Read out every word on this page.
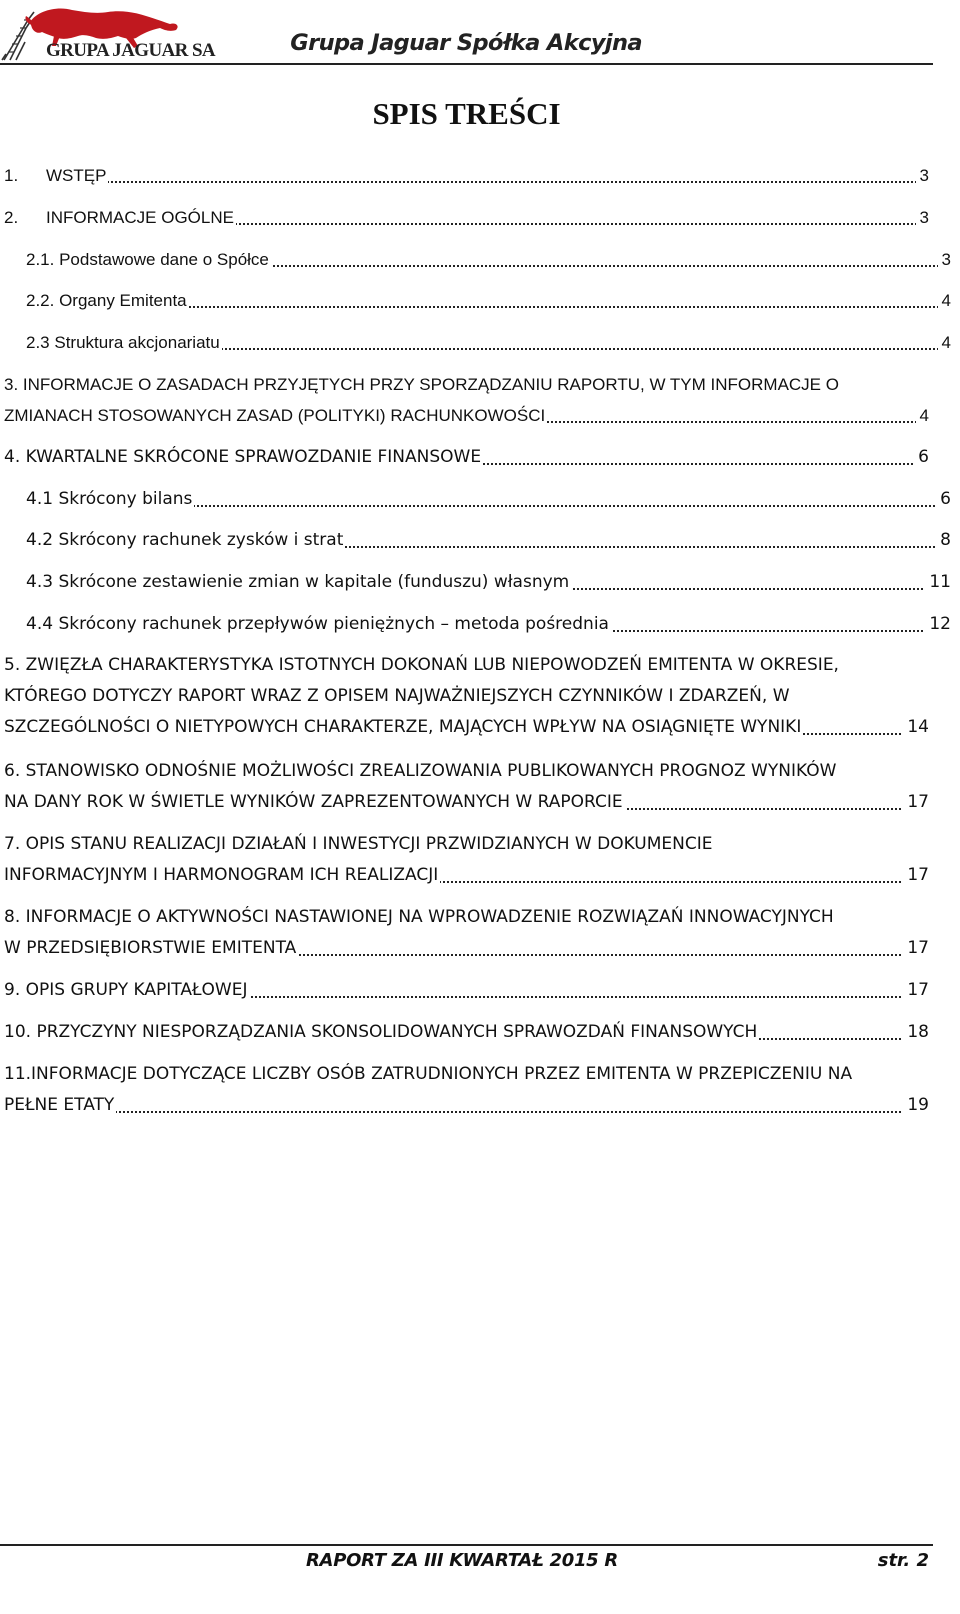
GRUPA JAGUAR SA	Grupa Jaguar Spółka Akcyjna
SPIS TREŚCI
1. WSTĘP	3
2. INFORMACJE OGÓLNE	3
2.1. Podstawowe dane o Spółce	3
2.2. Organy Emitenta	4
2.3 Struktura akcjonariatu	4
3. INFORMACJE O ZASADACH PRZYJĘTYCH PRZY SPORZĄDZANIU RAPORTU, W TYM INFORMACJE O
ZMIANACH STOSOWANYCH ZASAD (POLITYKI) RACHUNKOWOŚCI	4
4. KWARTALNE SKRÓCONE SPRAWOZDANIE FINANSOWE	6
4.1 Skrócony bilans	6
4.2 Skrócony rachunek zysków i strat	8
4.3 Skrócone zestawienie zmian w kapitale (funduszu) własnym	11
4.4 Skrócony rachunek przepływów pieniężnych – metoda pośrednia	12
5. ZWIĘZŁA CHARAKTERYSTYKA ISTOTNYCH DOKONAŃ LUB NIEPOWODZEŃ EMITENTA W OKRESIE,
KTÓREGO DOTYCZY RAPORT WRAZ Z OPISEM NAJWAŻNIEJSZYCH CZYNNIKÓW I ZDARZEŃ, W
SZCZEGÓLNOŚCI O NIETYPOWYCH CHARAKTERZE, MAJĄCYCH WPŁYW NA OSIĄGNIĘTE WYNIKI	14
6. STANOWISKO ODNOŚNIE MOŻLIWOŚCI ZREALIZOWANIA PUBLIKOWANYCH PROGNOZ WYNIKÓW
NA DANY ROK W ŚWIETLE WYNIKÓW ZAPREZENTOWANYCH W RAPORCIE	17
7. OPIS STANU REALIZACJI DZIAŁAŃ I INWESTYCJI PRZWIDZIANYCH W DOKUMENCIE
INFORMACYJNYM I HARMONOGRAM ICH REALIZACJI	17
8. INFORMACJE O AKTYWNOŚCI NASTAWIONEJ NA WPROWADZENIE ROZWIĄZAŃ INNOWACYJNYCH
W PRZEDSIĘBIORSTWIE EMITENTA	17
9. OPIS GRUPY KAPITAŁOWEJ	17
10. PRZYCZYNY NIESPORZĄDZANIA SKONSOLIDOWANYCH SPRAWOZDAŃ FINANSOWYCH	18
11.INFORMACJE DOTYCZĄCE LICZBY OSÓB ZATRUDNIONYCH PRZEZ EMITENTA W PRZEPICZENIU NA
PEŁNE ETATY	19
RAPORT ZA III KWARTAŁ 2015 R	str. 2
